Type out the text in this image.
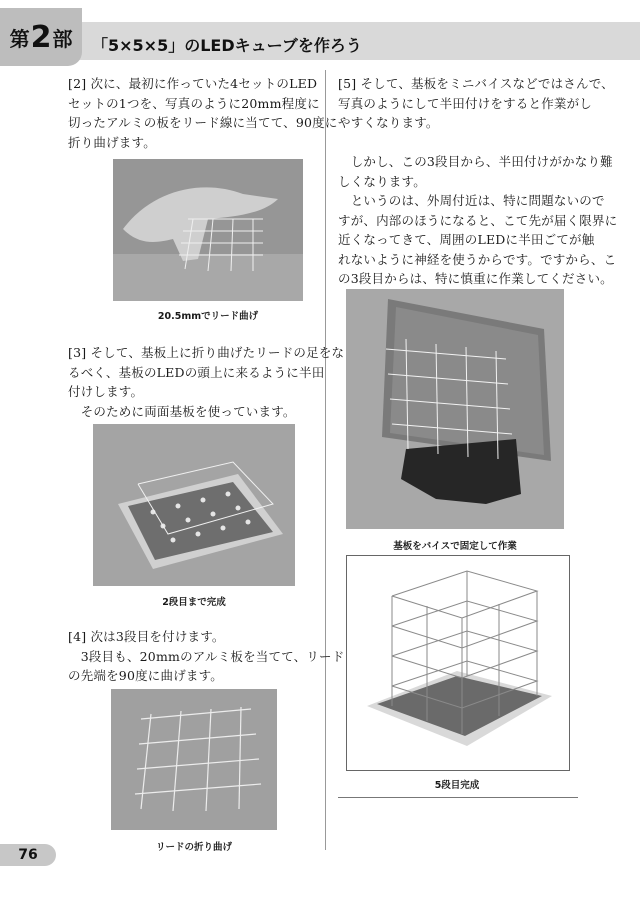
第 2 部 「5×5×5」のLEDキューブを作ろう

[2] 次に、最初に作っていた4セットのLED
セットの1つを、写真のように20mm程度に
切ったアルミの板をリード線に当てて、90度に
折り曲げます。

20.5mmでリード曲げ

[3] そして、基板上に折り曲げたリードの足をな
るべく、基板のLEDの頭上に来るように半田
付けします。
　そのために両面基板を使っています。

2段目まで完成

[4] 次は3段目を付けます。
　3段目も、20mmのアルミ板を当てて、リード
の先端を90度に曲げます。

リードの折り曲げ

[5] そして、基板をミニバイスなどではさんで、
写真のようにして半田付けをすると作業がし
やすくなります。

　しかし、この3段目から、半田付けがかなり難
しくなります。
　というのは、外周付近は、特に問題ないので
すが、内部のほうになると、こて先が届く限界に
近くなってきて、周囲のLEDに半田ごてが触
れないように神経を使うからです。ですから、こ
の3段目からは、特に慎重に作業してください。

基板をバイスで固定して作業
5段目完成
76
